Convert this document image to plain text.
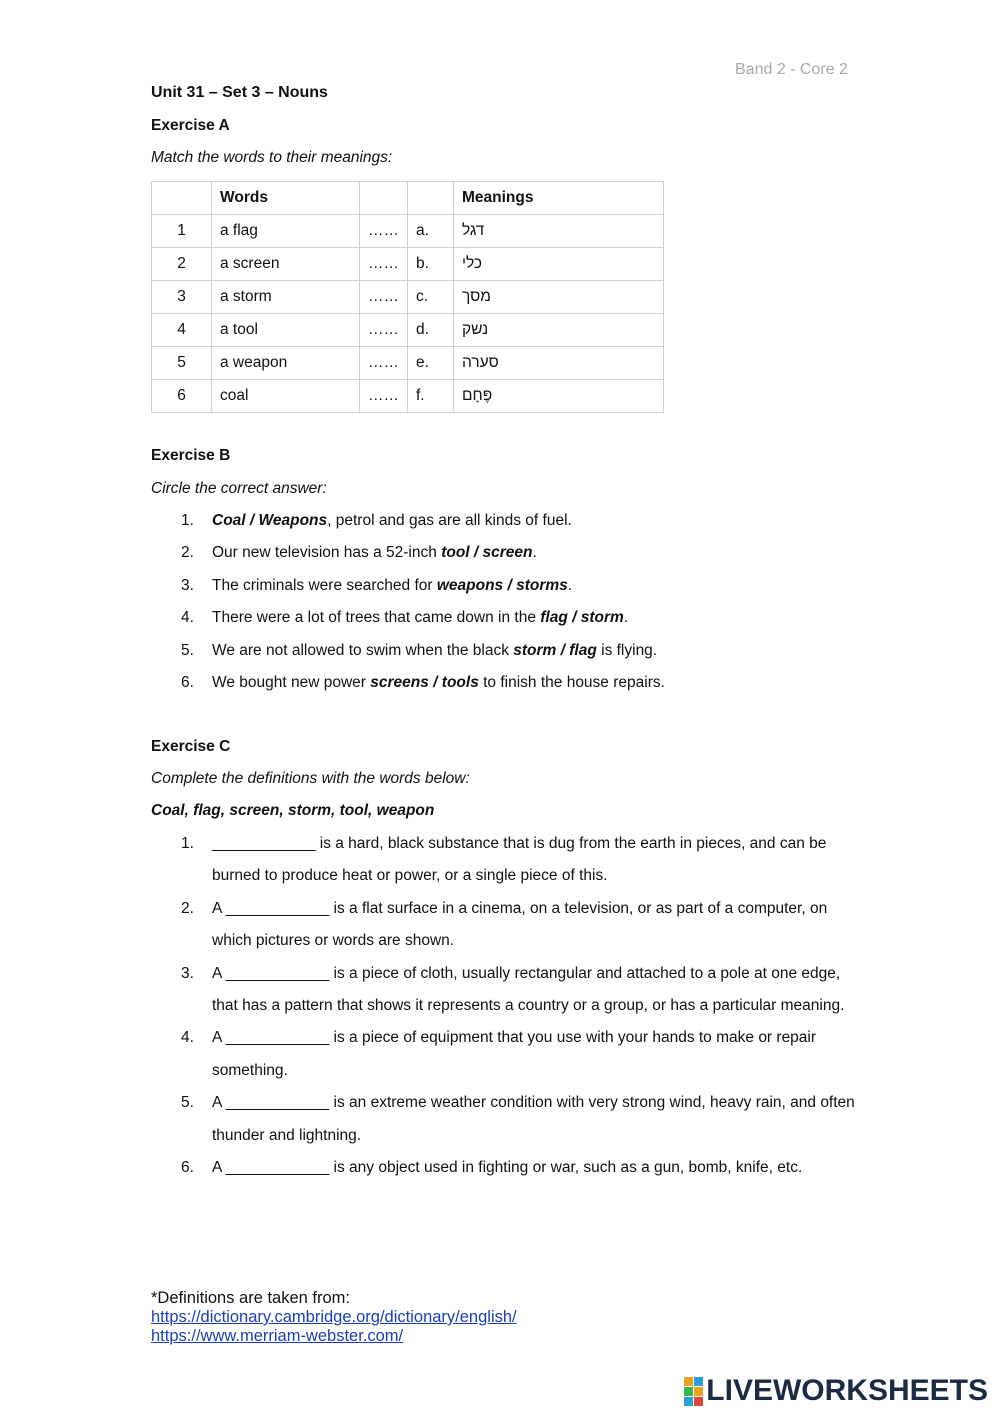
Band 2 - Core 2
Unit 31 – Set 3 – Nouns
Exercise A
Match the words to their meanings:
	Words			Meanings
1	a flag	……	a.	דגל
2	a screen	……	b.	כלי
3	a storm	……	c.	מסך
4	a tool	……	d.	נשק
5	a weapon	……	e.	סערה
6	coal	……	f.	פֶּחָם
Exercise B
Circle the correct answer:
1. Coal / Weapons, petrol and gas are all kinds of fuel.
2. Our new television has a 52-inch tool / screen.
3. The criminals were searched for weapons / storms.
4. There were a lot of trees that came down in the flag / storm.
5. We are not allowed to swim when the black storm / flag is flying.
6. We bought new power screens / tools to finish the house repairs.
Exercise C
Complete the definitions with the words below:
Coal, flag, screen, storm, tool, weapon
1. ____________ is a hard, black substance that is dug from the earth in pieces, and can be burned to produce heat or power, or a single piece of this.
2. A ____________ is a flat surface in a cinema, on a television, or as part of a computer, on which pictures or words are shown.
3. A ____________ is a piece of cloth, usually rectangular and attached to a pole at one edge, that has a pattern that shows it represents a country or a group, or has a particular meaning.
4. A ____________ is a piece of equipment that you use with your hands to make or repair something.
5. A ____________ is an extreme weather condition with very strong wind, heavy rain, and often thunder and lightning.
6. A ____________ is any object used in fighting or war, such as a gun, bomb, knife, etc.
*Definitions are taken from:
https://dictionary.cambridge.org/dictionary/english/
https://www.merriam-webster.com/
LIVEWORKSHEETS
